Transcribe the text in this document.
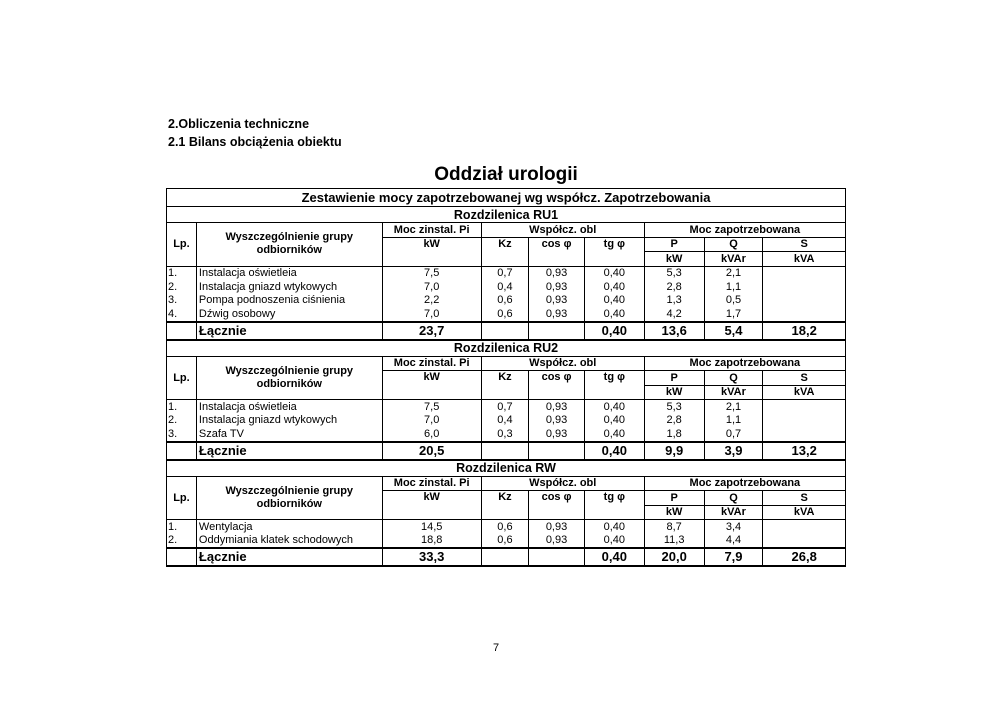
2.Obliczenia techniczne
2.1 Bilans obciążenia obiektu
Oddział urologii
Zestawienie mocy zapotrzebowanej wg współcz. Zapotrzebowania								
Rozdzilenica RU1								
Lp.	Wyszczególnienie grupy odbiorników	Moc zinstal. Pi	Współcz. obl			Moc zapotrzebowana		
		kW	Kz	cos φ	tg φ	P	Q	S
						kW	kVAr	kVA
1.	Instalacja oświetleia	7,5	0,7	0,93	0,40	5,3	2,1	
2.	Instalacja gniazd wtykowych	7,0	0,4	0,93	0,40	2,8	1,1	
3.	Pompa podnoszenia ciśnienia	2,2	0,6	0,93	0,40	1,3	0,5	
4.	Dźwig osobowy	7,0	0,6	0,93	0,40	4,2	1,7	
	Łącznie	23,7			0,40	13,6	5,4	18,2
Rozdzilenica RU2								
Lp.	Wyszczególnienie grupy odbiorników	Moc zinstal. Pi	Współcz. obl			Moc zapotrzebowana		
		kW	Kz	cos φ	tg φ	P	Q	S
						kW	kVAr	kVA
1.	Instalacja oświetleia	7,5	0,7	0,93	0,40	5,3	2,1	
2.	Instalacja gniazd wtykowych	7,0	0,4	0,93	0,40	2,8	1,1	
3.	Szafa TV	6,0	0,3	0,93	0,40	1,8	0,7	
	Łącznie	20,5			0,40	9,9	3,9	13,2
Rozdzilenica RW								
Lp.	Wyszczególnienie grupy odbiorników	Moc zinstal. Pi	Współcz. obl			Moc zapotrzebowana		
		kW	Kz	cos φ	tg φ	P	Q	S
						kW	kVAr	kVA
1.	Wentylacja	14,5	0,6	0,93	0,40	8,7	3,4	
2.	Oddymiania klatek schodowych	18,8	0,6	0,93	0,40	11,3	4,4	
	Łącznie	33,3			0,40	20,0	7,9	26,8
7
